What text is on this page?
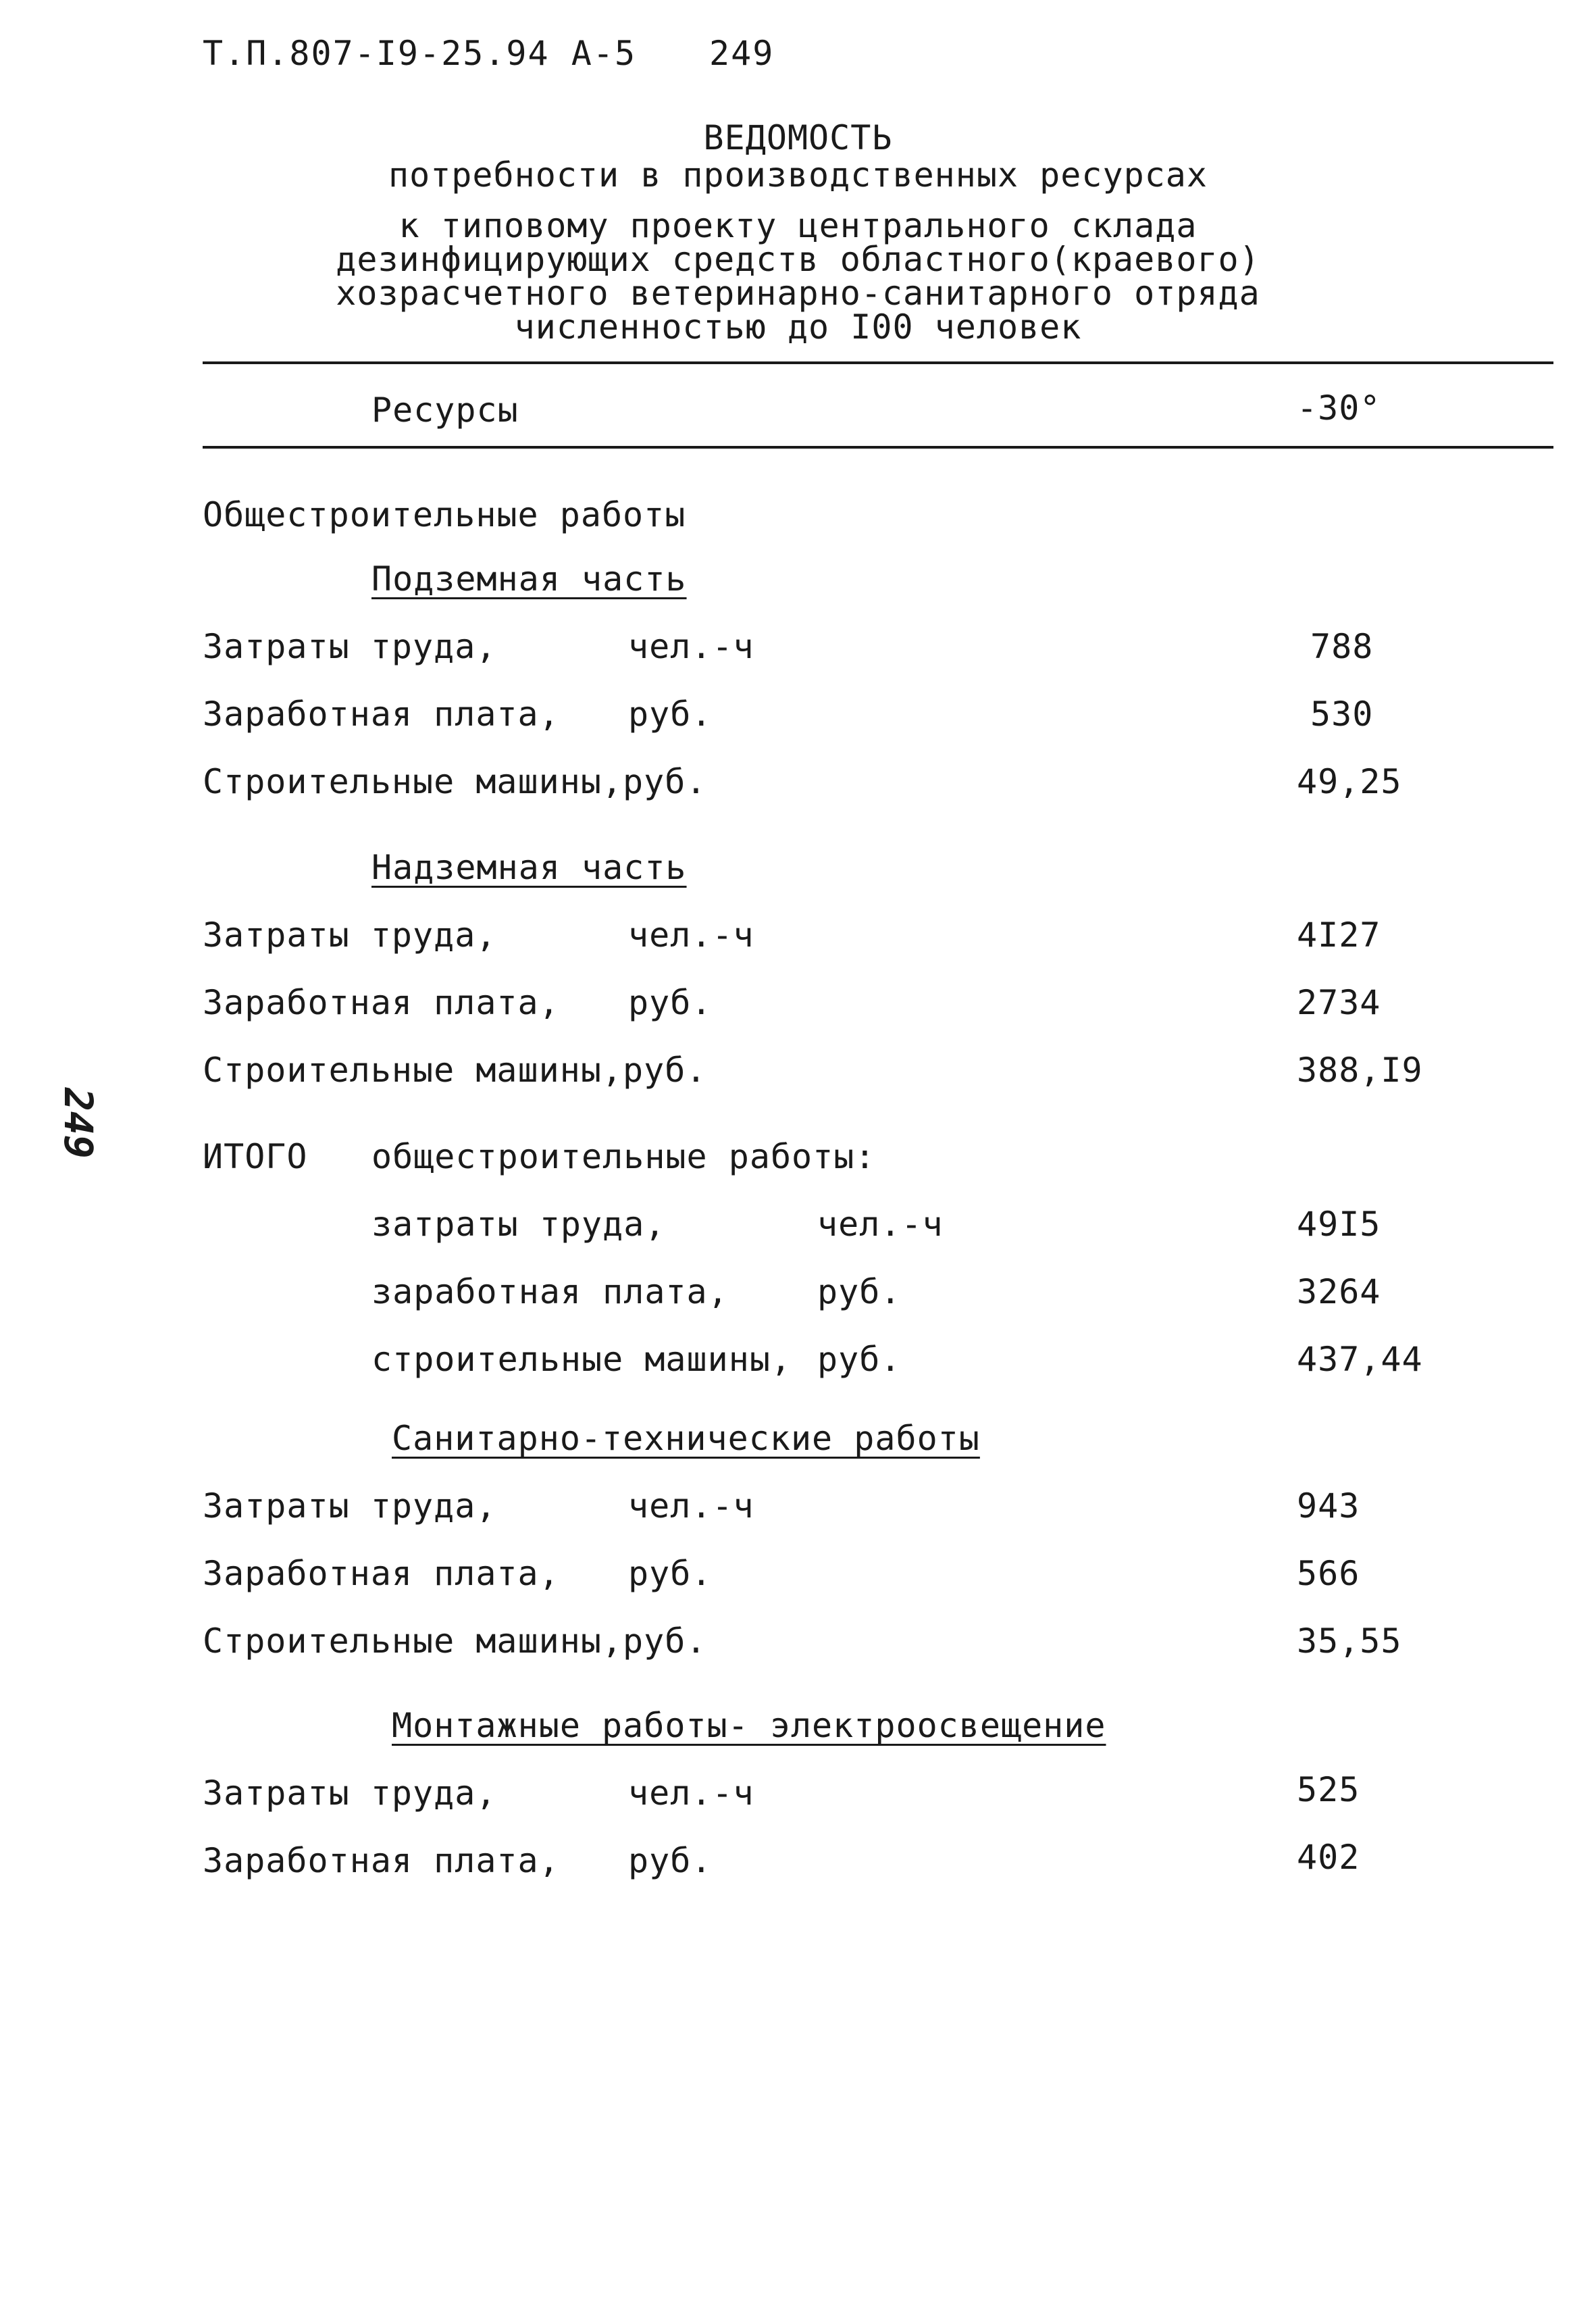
Т.П.807-I9-25.94 А-5 249
249
ВЕДОМОСТЬ
потребности в производственных ресурсах
к типовому проекту центрального склада
дезинфицирующих средств областного(краевого)
хозрасчетного ветеринарно-санитарного отряда
численностью до I00 человек
Ресурсы	-30°
Общестроительные работы
Подземная часть
Затраты труда,	чел.-ч	788
Заработная плата, руб.	530
Строительные машины,руб.	49,25
Надземная часть
Затраты труда,	чел.-ч	4I27
Заработная плата, руб.	2734
Строительные машины,руб.	388,I9
ИТОГО общестроительные работы:
затраты труда,	чел.-ч	49I5
заработная плата,	руб.	3264
строительные машины, руб.	437,44
Санитарно-технические работы
Затраты труда,	чел.-ч	943
Заработная плата, руб.	566
Строительные машины,руб.	35,55
Монтажные работы- электроосвещение
Затраты труда,	чел.-ч	525
Заработная плата, руб.	402
